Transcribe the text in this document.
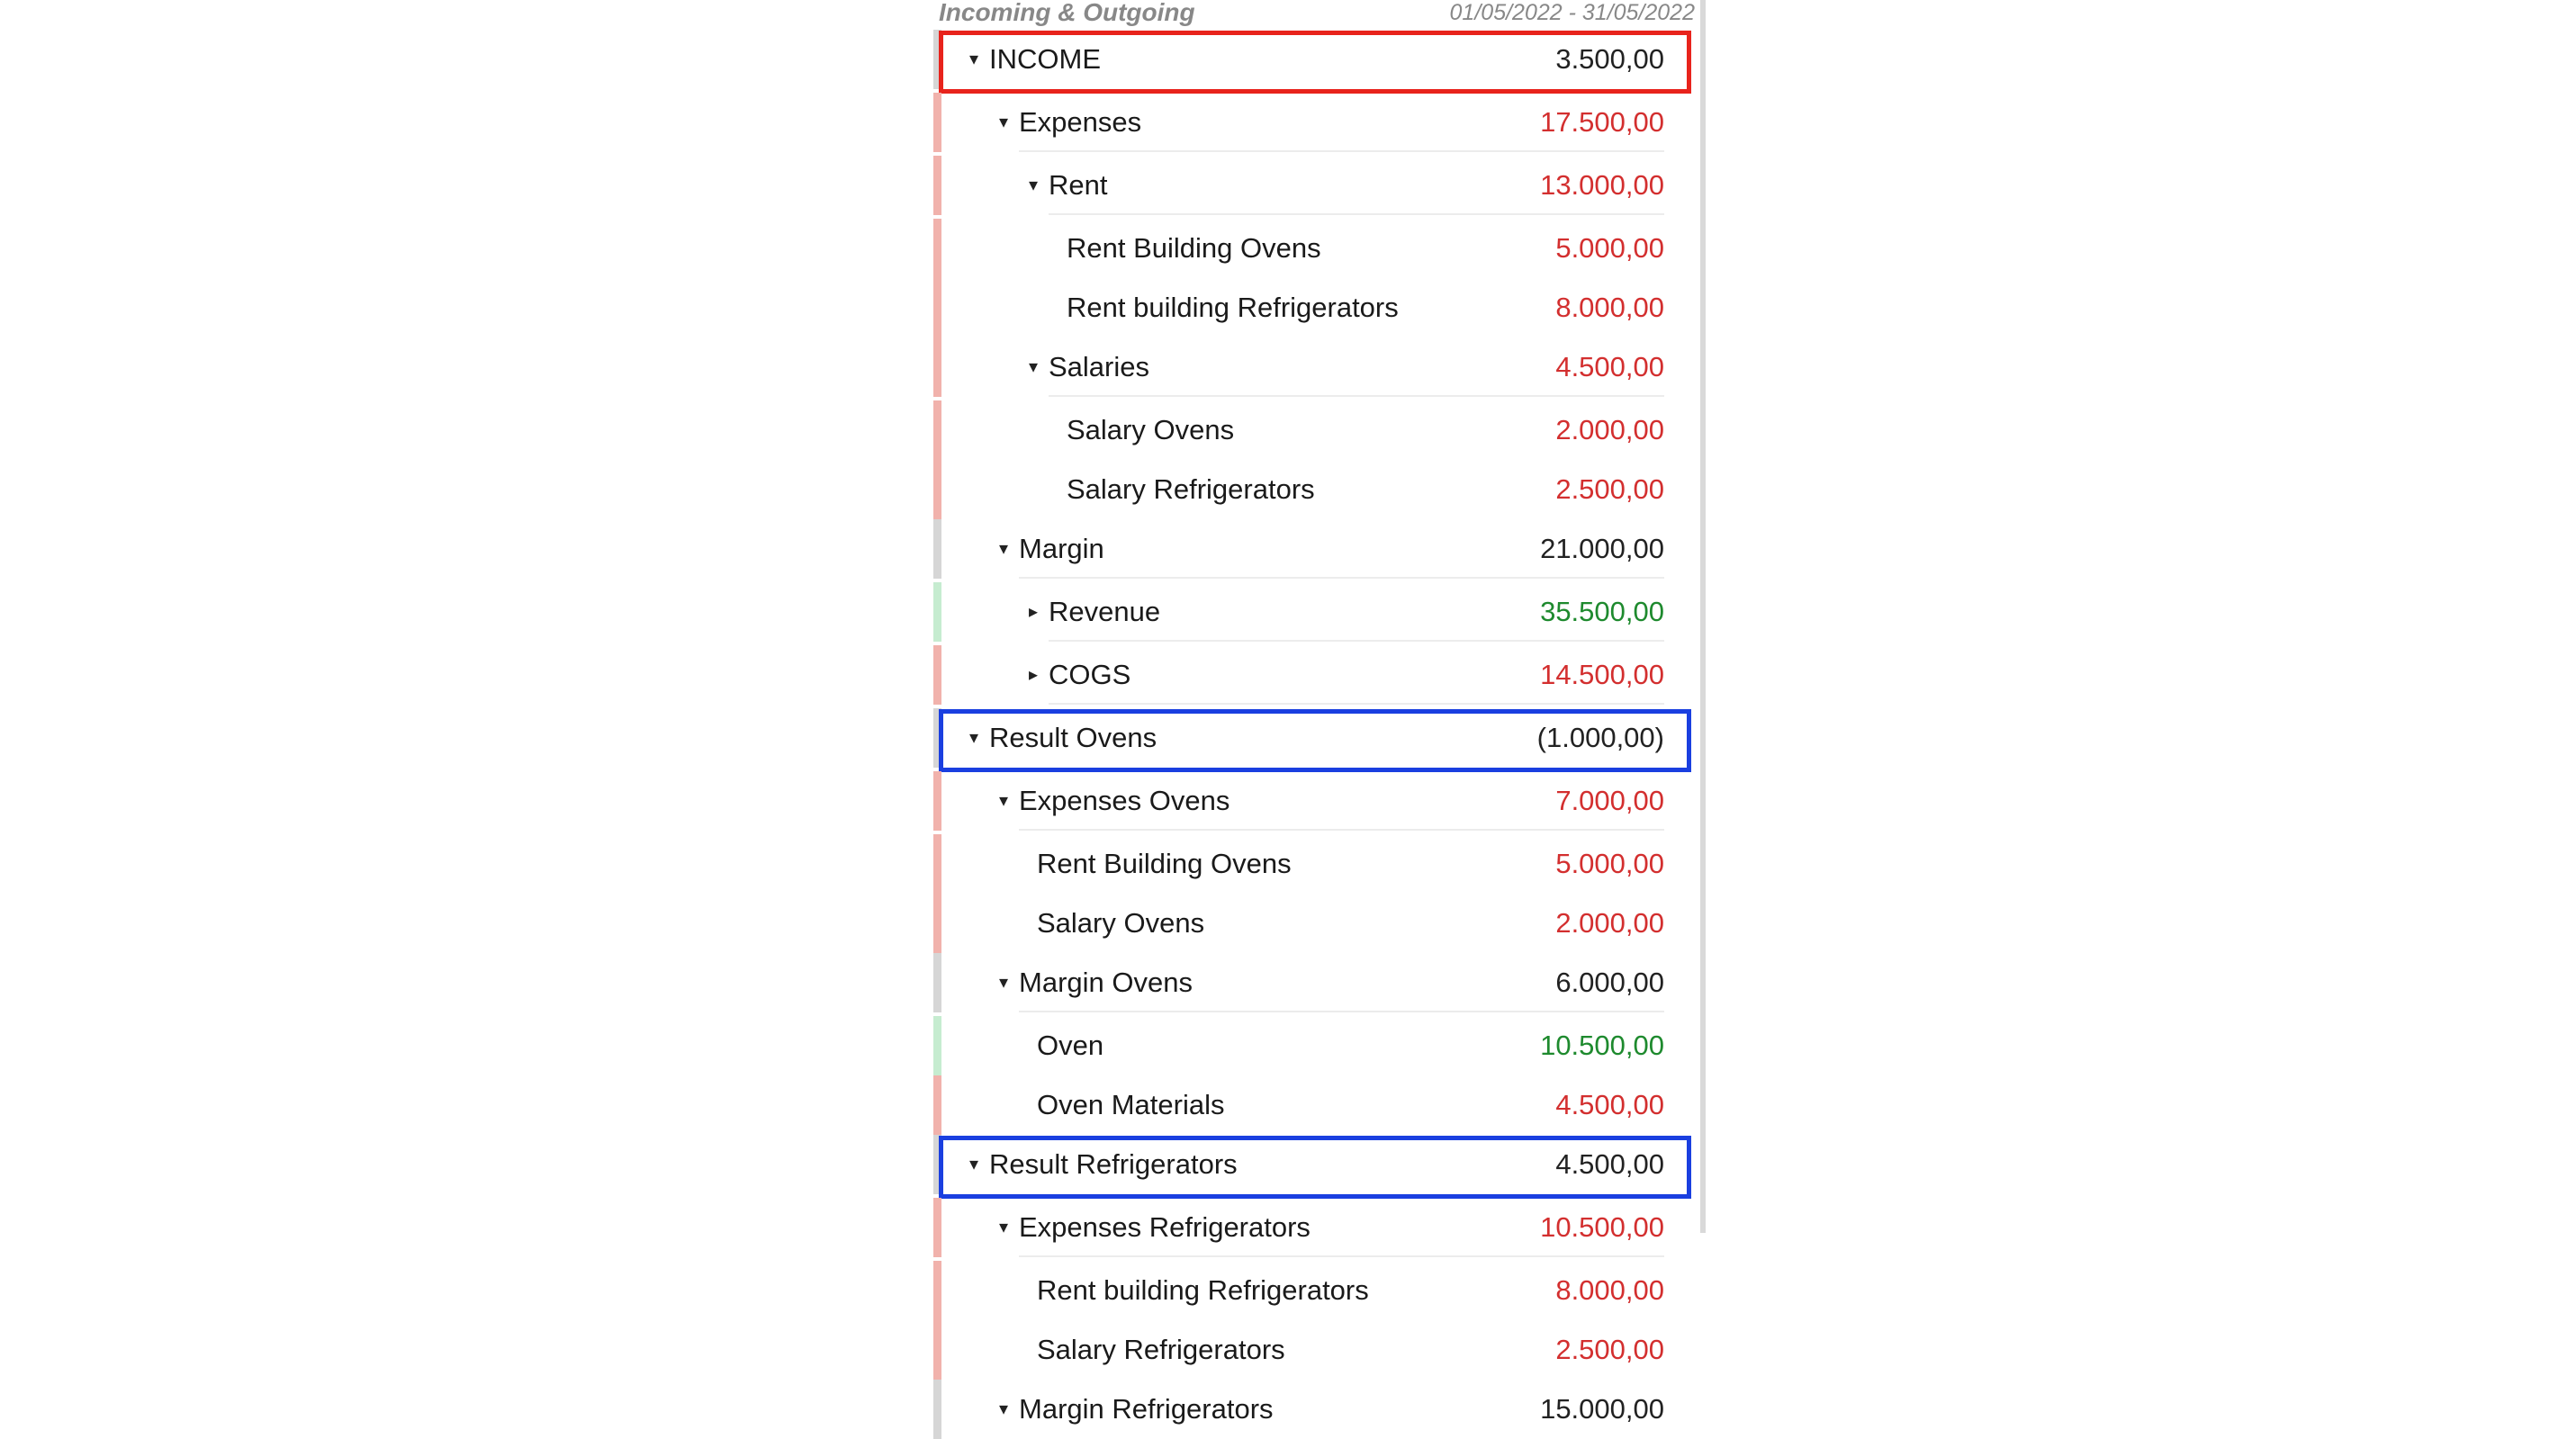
Incoming & Outgoing	01/05/2022 - 31/05/2022
▾ INCOME	3.500,00
▾ Expenses	17.500,00
▾ Rent	13.000,00
Rent Building Ovens	5.000,00
Rent building Refrigerators	8.000,00
▾ Salaries	4.500,00
Salary Ovens	2.000,00
Salary Refrigerators	2.500,00
▾ Margin	21.000,00
▸ Revenue	35.500,00
▸ COGS	14.500,00
▾ Result Ovens	(1.000,00)
▾ Expenses Ovens	7.000,00
Rent Building Ovens	5.000,00
Salary Ovens	2.000,00
▾ Margin Ovens	6.000,00
Oven	10.500,00
Oven Materials	4.500,00
▾ Result Refrigerators	4.500,00
▾ Expenses Refrigerators	10.500,00
Rent building Refrigerators	8.000,00
Salary Refrigerators	2.500,00
▾ Margin Refrigerators	15.000,00
